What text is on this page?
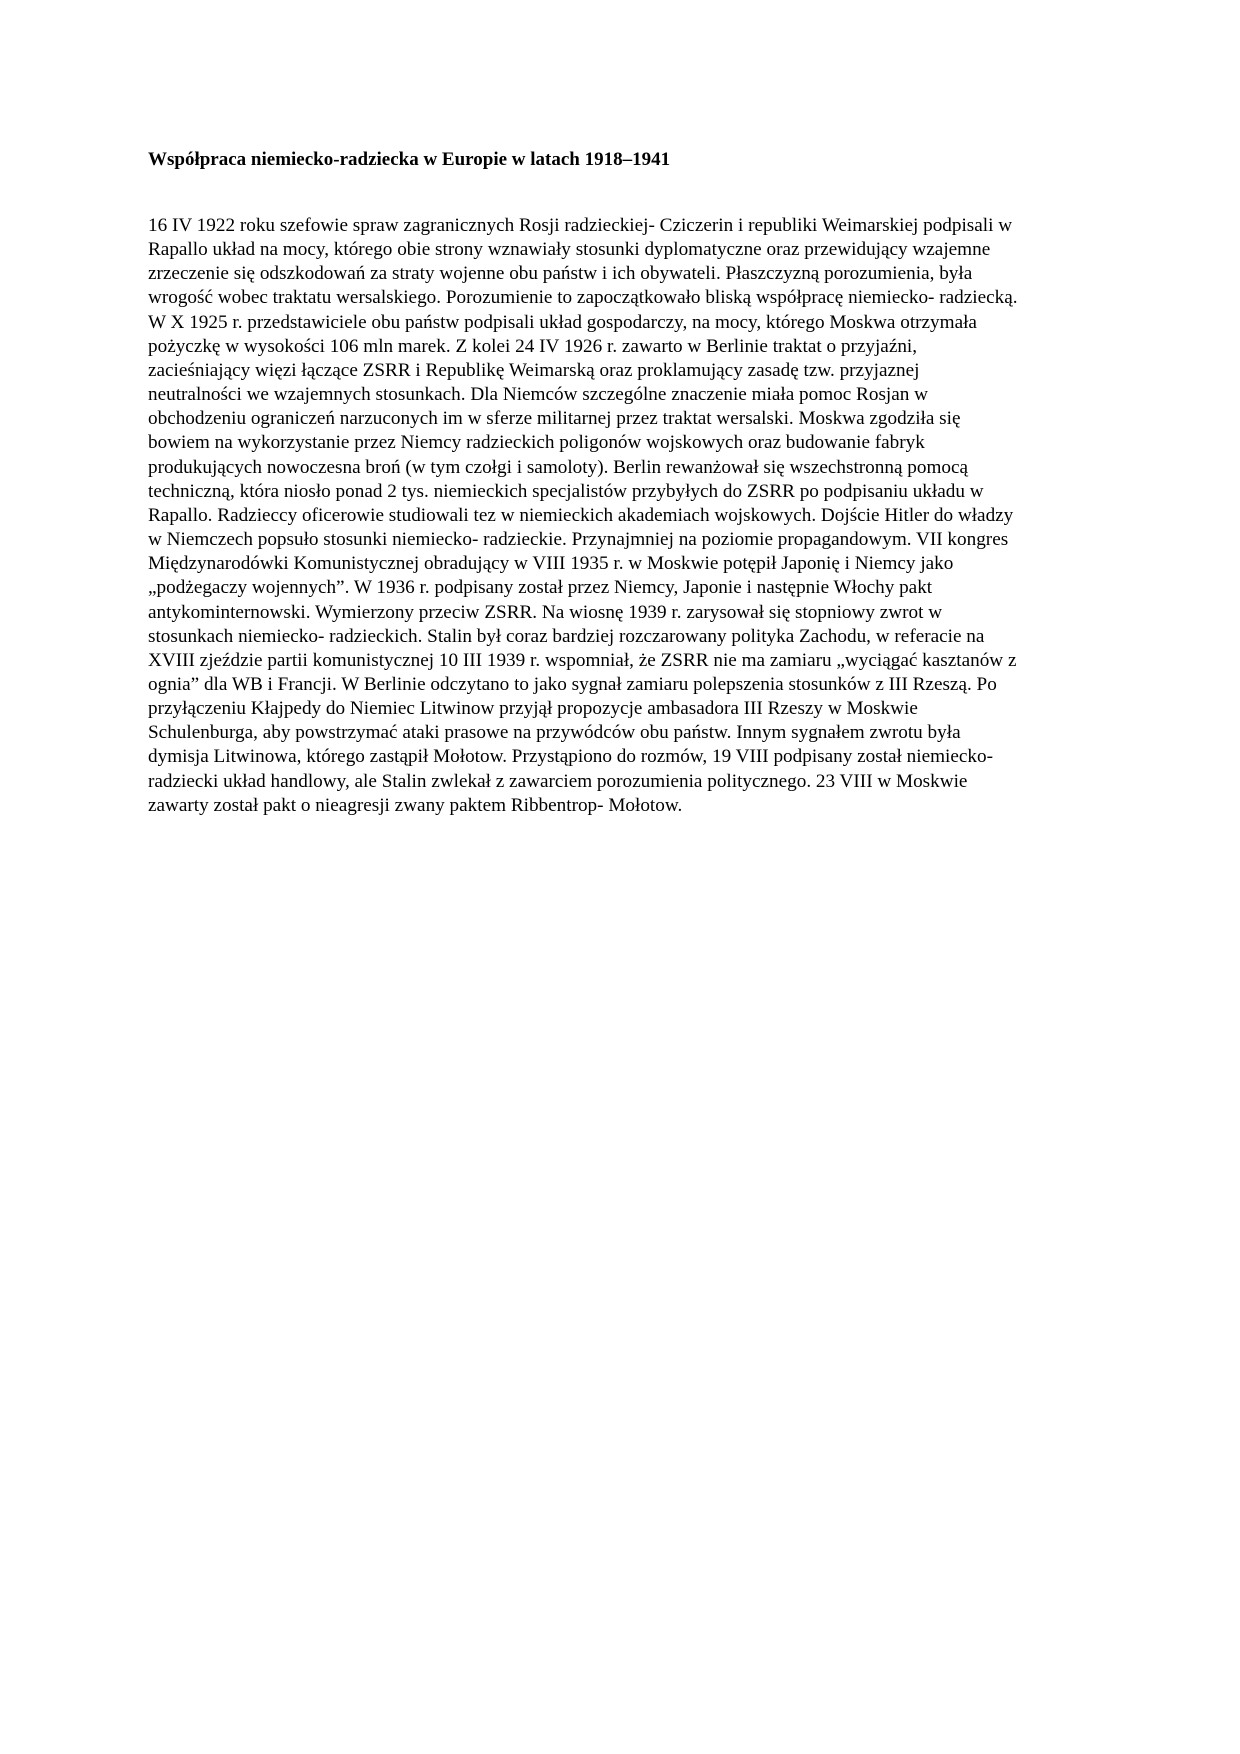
Współpraca niemiecko-radziecka w Europie w latach 1918–1941

16 IV 1922 roku szefowie spraw zagranicznych Rosji radzieckiej- Cziczerin i republiki Weimarskiej podpisali w
Rapallo układ na mocy, którego obie strony wznawiały stosunki dyplomatyczne oraz przewidujący wzajemne
zrzeczenie się odszkodowań za straty wojenne obu państw i ich obywateli. Płaszczyzną porozumienia, była
wrogość wobec traktatu wersalskiego. Porozumienie to zapoczątkowało bliską współpracę niemiecko- radziecką.
W X 1925 r. przedstawiciele obu państw podpisali układ gospodarczy, na mocy, którego Moskwa otrzymała
pożyczkę w wysokości 106 mln marek. Z kolei 24 IV 1926 r. zawarto w Berlinie traktat o przyjaźni,
zacieśniający więzi łączące ZSRR i Republikę Weimarską oraz proklamujący zasadę tzw. przyjaznej
neutralności we wzajemnych stosunkach. Dla Niemców szczególne znaczenie miała pomoc Rosjan w
obchodzeniu ograniczeń narzuconych im w sferze militarnej przez traktat wersalski. Moskwa zgodziła się
bowiem na wykorzystanie przez Niemcy radzieckich poligonów wojskowych oraz budowanie fabryk
produkujących nowoczesna broń (w tym czołgi i samoloty). Berlin rewanżował się wszechstronną pomocą
techniczną, która niosło ponad 2 tys. niemieckich specjalistów przybyłych do ZSRR po podpisaniu układu w
Rapallo. Radzieccy oficerowie studiowali tez w niemieckich akademiach wojskowych. Dojście Hitler do władzy
w Niemczech popsuło stosunki niemiecko- radzieckie. Przynajmniej na poziomie propagandowym. VII kongres
Międzynarodówki Komunistycznej obradujący w VIII 1935 r. w Moskwie potępił Japonię i Niemcy jako
„podżegaczy wojennych”. W 1936 r. podpisany został przez Niemcy, Japonie i następnie Włochy pakt
antykominternowski. Wymierzony przeciw ZSRR. Na wiosnę 1939 r. zarysował się stopniowy zwrot w
stosunkach niemiecko- radzieckich. Stalin był coraz bardziej rozczarowany polityka Zachodu, w referacie na
XVIII zjeździe partii komunistycznej 10 III 1939 r. wspomniał, że ZSRR nie ma zamiaru „wyciągać kasztanów z
ognia” dla WB i Francji. W Berlinie odczytano to jako sygnał zamiaru polepszenia stosunków z III Rzeszą. Po
przyłączeniu Kłajpedy do Niemiec Litwinow przyjął propozycje ambasadora III Rzeszy w Moskwie
Schulenburga, aby powstrzymać ataki prasowe na przywódców obu państw. Innym sygnałem zwrotu była
dymisja Litwinowa, którego zastąpił Mołotow. Przystąpiono do rozmów, 19 VIII podpisany został niemiecko-
radziecki układ handlowy, ale Stalin zwlekał z zawarciem porozumienia politycznego. 23 VIII w Moskwie
zawarty został pakt o nieagresji zwany paktem Ribbentrop- Mołotow.
